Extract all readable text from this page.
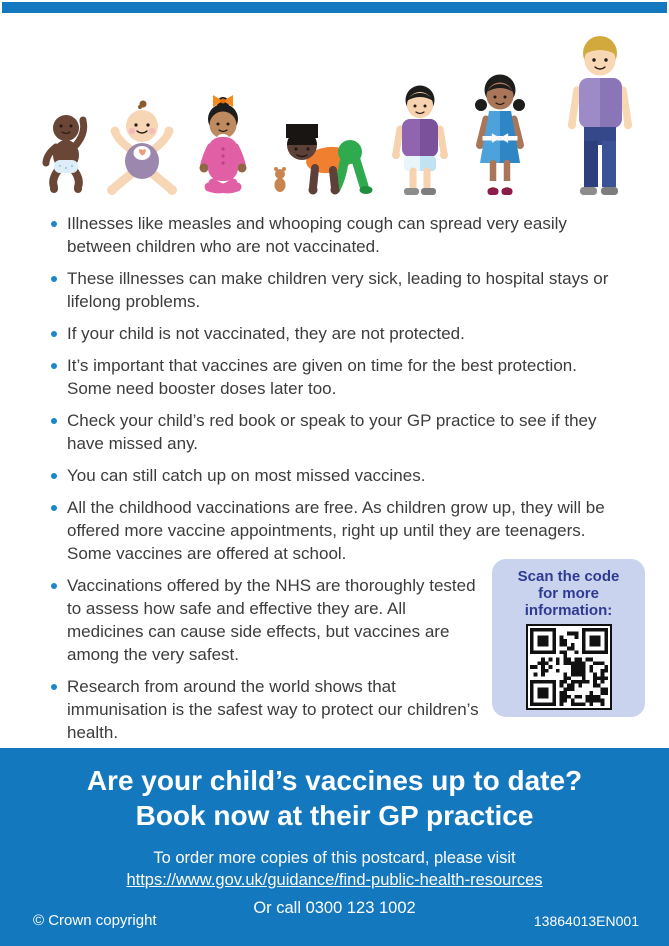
Illnesses like measles and whooping cough can spread very easily between children who are not vaccinated.
These illnesses can make children very sick, leading to hospital stays or lifelong problems.
If your child is not vaccinated, they are not protected.
It’s important that vaccines are given on time for the best protection. Some need booster doses later too.
Check your child’s red book or speak to your GP practice to see if they have missed any.
You can still catch up on most missed vaccines.
All the childhood vaccinations are free. As children grow up, they will be offered more vaccine appointments, right up until they are teenagers. Some vaccines are offered at school.
Vaccinations offered by the NHS are thoroughly tested to assess how safe and effective they are. All medicines can cause side effects, but vaccines are among the very safest.
Research from around the world shows that immunisation is the safest way to protect our children’s health.
Scan the code for more information:
Are your child’s vaccines up to date?
Book now at their GP practice

To order more copies of this postcard, please visit

https://www.gov.uk/guidance/find-public-health-resources

Or call 0300 123 1002

© Crown copyright	13864013EN001
